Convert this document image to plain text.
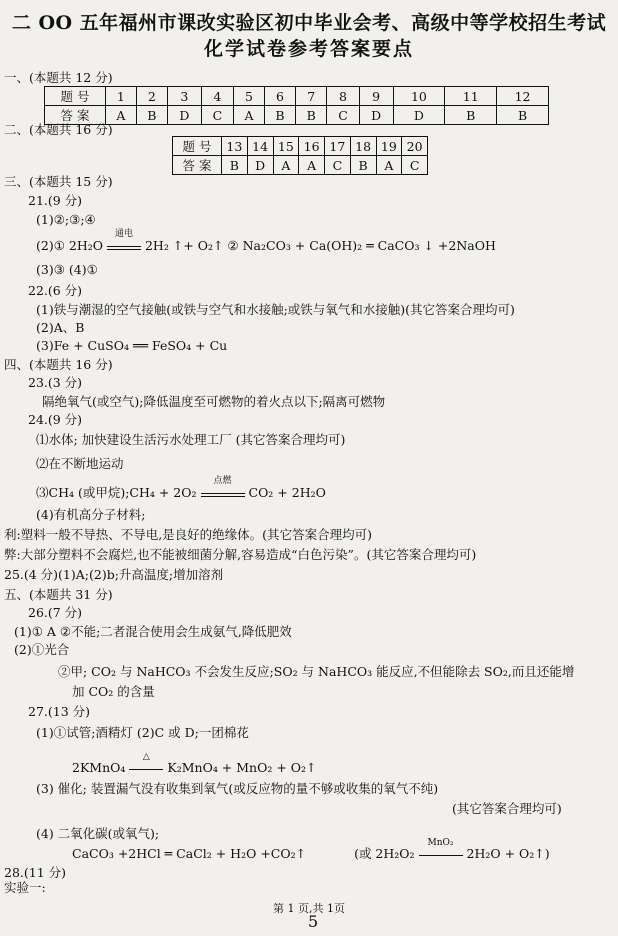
二 OO 五年福州市课改实验区初中毕业会考、高级中等学校招生考试
化学试卷参考答案要点
一、(本题共 12 分)
题 号	1	2	3	4	5	6	7	8	9	10	11	12
答 案	A	B	D	C	A	B	B	C	D	D	B	B
二、(本题共 16 分)
题 号	13	14	15	16	17	18	19	20
答 案	B	D	A	A	C	B	A	C
三、(本题共 15 分)
21.(9 分)
(1)②;③;④
(2)① 2H₂O
通电
2H₂ ↑+ O₂↑ ② Na₂CO₃ + Ca(OH)₂ ═ CaCO₃ ↓ +2NaOH
(3)③ (4)①
22.(6 分)
(1)铁与潮湿的空气接触(或铁与空气和水接触;或铁与氧气和水接触)(其它答案合理均可)
(2)A、B
(3)Fe + CuSO₄ ══ FeSO₄ + Cu
四、(本题共 16 分)
23.(3 分)
隔绝氧气(或空气);降低温度至可燃物的着火点以下;隔离可燃物
24.(9 分)
⑴水体; 加快建设生活污水处理工厂 (其它答案合理均可)
⑵在不断地运动
⑶CH₄ (或甲烷);CH₄ + 2O₂
点燃
CO₂ + 2H₂O
(4)有机高分子材料;
利:塑料一般不导热、不导电,是良好的绝缘体。(其它答案合理均可)
弊:大部分塑料不会腐烂,也不能被细菌分解,容易造成“白色污染”。(其它答案合理均可)
25.(4 分)(1)A;(2)b;升高温度;增加溶剂
五、(本题共 31 分)
26.(7 分)
(1)① A ②不能;二者混合使用会生成氨气,降低肥效
(2)①光合
②甲; CO₂ 与 NaHCO₃ 不会发生反应;SO₂ 与 NaHCO₃ 能反应,不但能除去 SO₂,而且还能增
加 CO₂ 的含量
27.(13 分)
(1)①试管;酒精灯 (2)C 或 D;一团棉花
2KMnO₄
△
K₂MnO₄ + MnO₂ + O₂↑
(3) 催化; 装置漏气没有收集到氧气(或反应物的量不够或收集的氧气不纯)
(其它答案合理均可)
(4) 二氧化碳(或氧气);
CaCO₃ +2HCl ═ CaCl₂ + H₂O +CO₂↑	(或 2H₂O₂
MnO₂
2H₂O + O₂↑)
28.(11 分)
实验一:
第 1 页,共 1页
5
